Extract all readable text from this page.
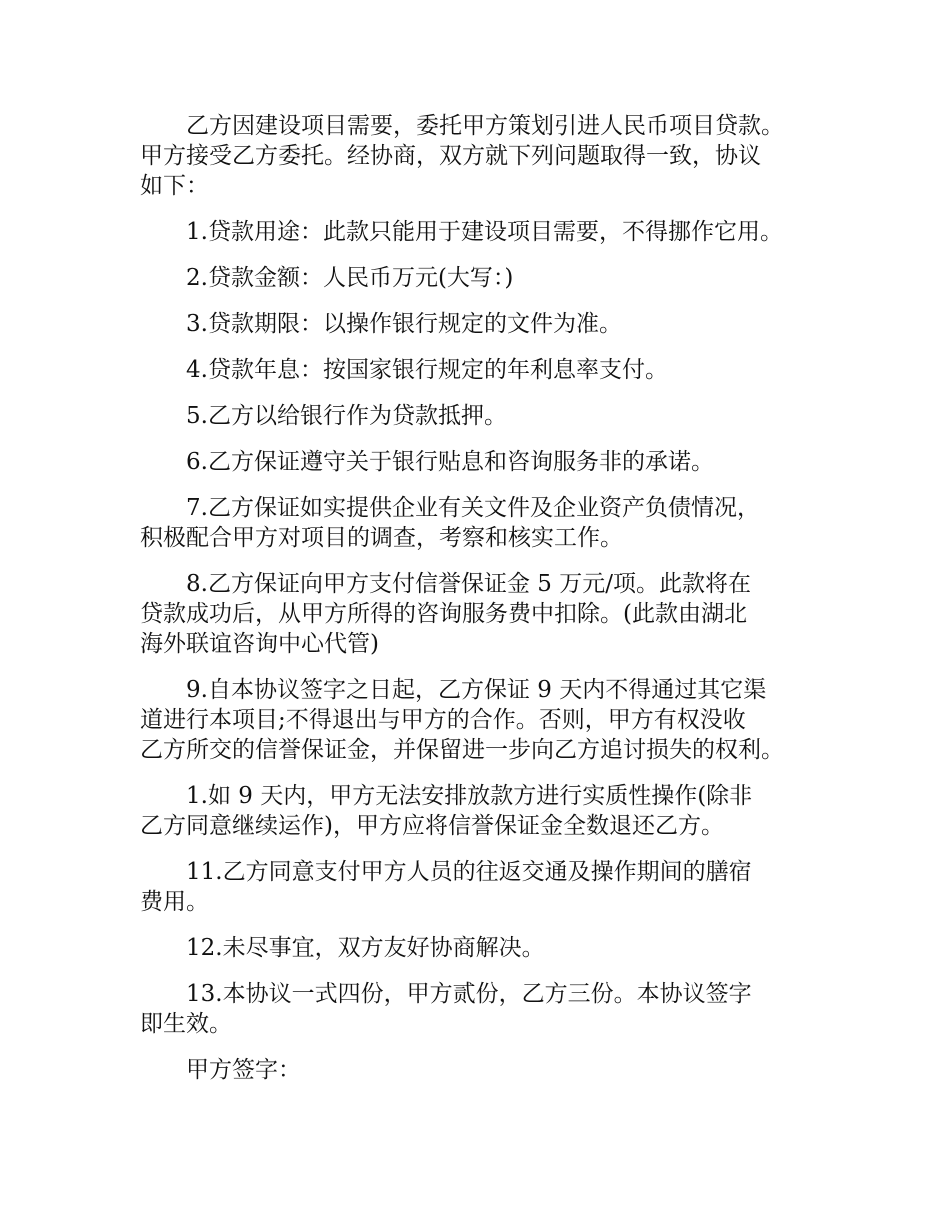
乙方因建设项目需要，委托甲方策划引进人民币项目贷款。
甲方接受乙方委托。经协商，双方就下列问题取得一致，协议
如下：
1.贷款用途：此款只能用于建设项目需要，不得挪作它用。
2.贷款金额：人民币万元(大写：)
3.贷款期限：以操作银行规定的文件为准。
4.贷款年息：按国家银行规定的年利息率支付。
5.乙方以给银行作为贷款抵押。
6.乙方保证遵守关于银行贴息和咨询服务非的承诺。
7.乙方保证如实提供企业有关文件及企业资产负债情况，
积极配合甲方对项目的调查，考察和核实工作。
8.乙方保证向甲方支付信誉保证金 5 万元/项。此款将在
贷款成功后，从甲方所得的咨询服务费中扣除。(此款由湖北
海外联谊咨询中心代管)
9.自本协议签字之日起，乙方保证 9 天内不得通过其它渠
道进行本项目;不得退出与甲方的合作。否则，甲方有权没收
乙方所交的信誉保证金，并保留进一步向乙方追讨损失的权利。
1.如 9 天内，甲方无法安排放款方进行实质性操作(除非
乙方同意继续运作)，甲方应将信誉保证金全数退还乙方。
11.乙方同意支付甲方人员的往返交通及操作期间的膳宿
费用。
12.未尽事宜，双方友好协商解决。
13.本协议一式四份，甲方贰份，乙方三份。本协议签字
即生效。
甲方签字：
